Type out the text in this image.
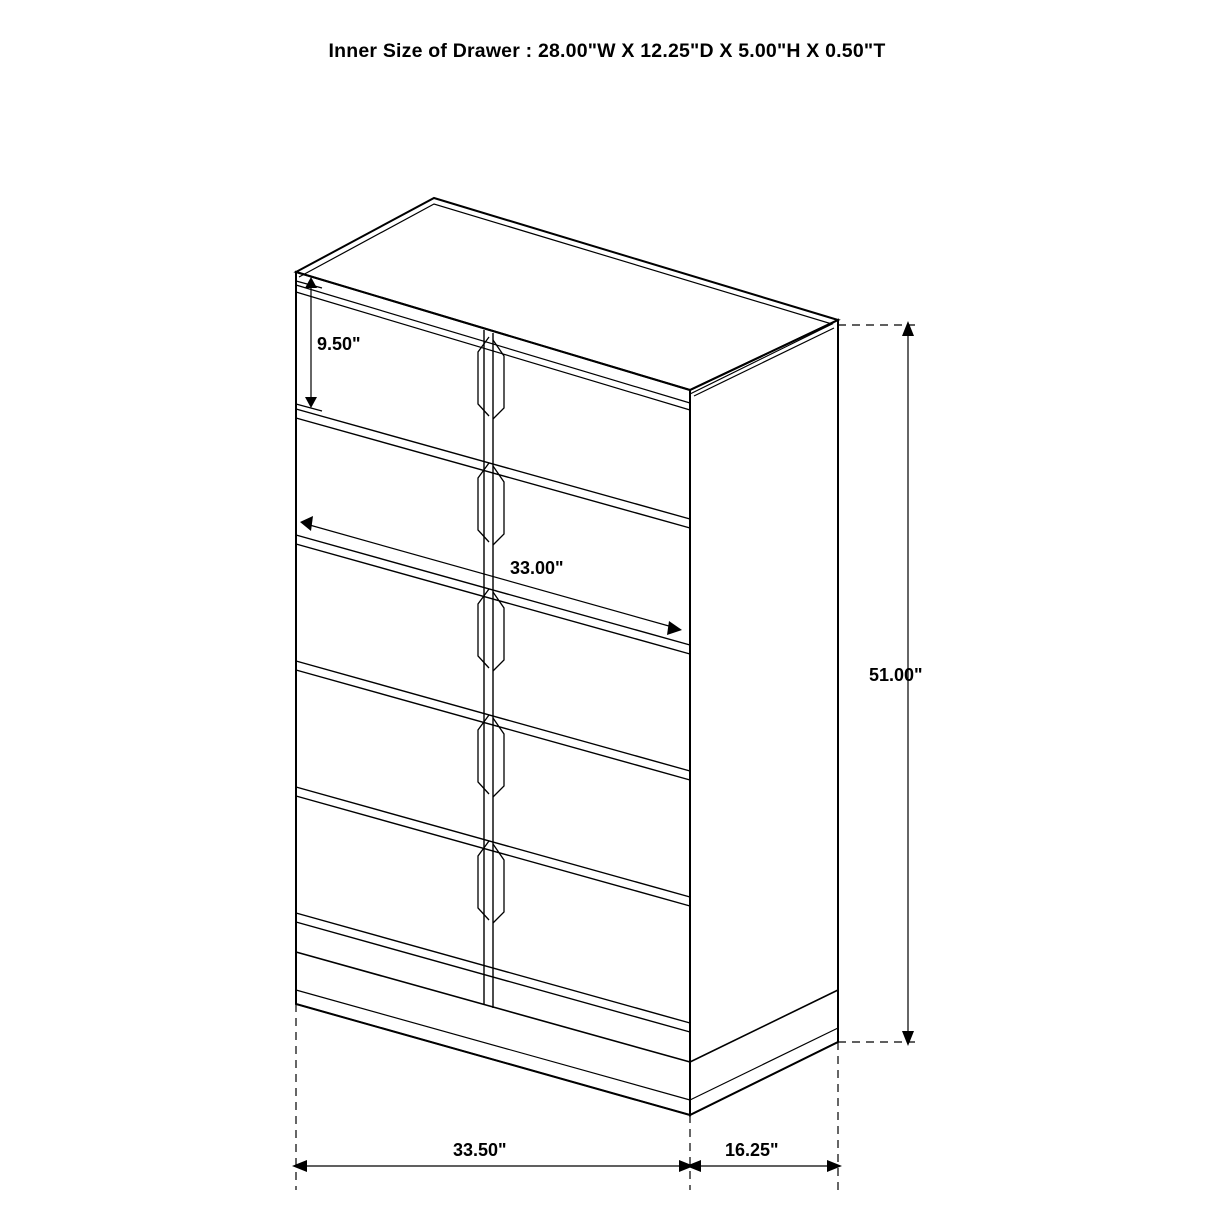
Inner Size of Drawer : 28.00"W X 12.25"D X 5.00"H X 0.50"T
9.50"
33.00"
51.00"
33.50"	16.25"
